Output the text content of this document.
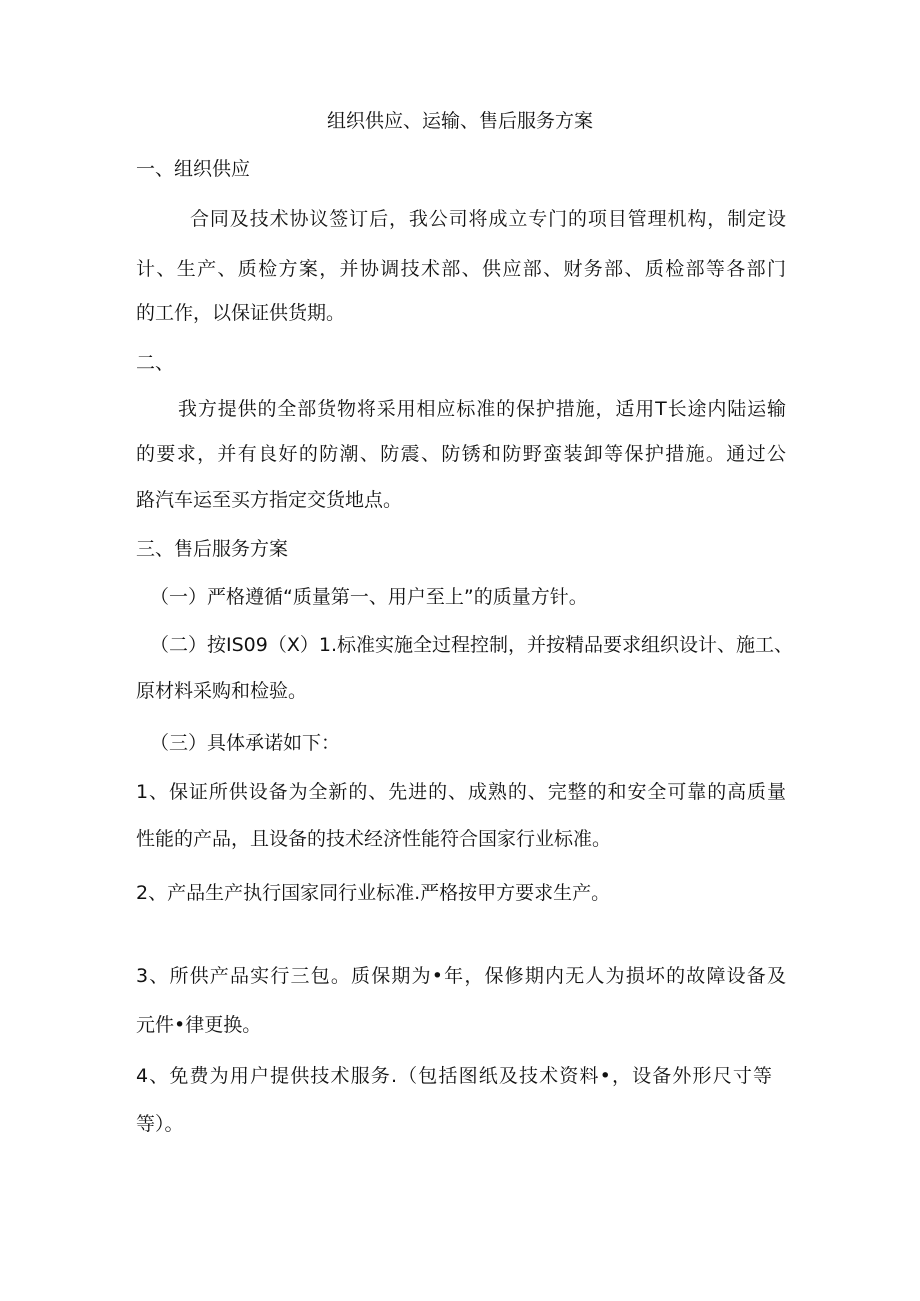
组织供应、运输、售后服务方案
一、组织供应
合同及技术协议签订后，我公司将成立专门的项目管理机构，制定设
计、生产、质检方案，并协调技术部、供应部、财务部、质检部等各部门
的工作，以保证供货期。
二、
我方提供的全部货物将采用相应标准的保护措施，适用T长途内陆运输
的要求，并有良好的防潮、防震、防锈和防野蛮装卸等保护措施。通过公
路汽车运至买方指定交货地点。
三、售后服务方案
（一）严格遵循“质量第一、用户至上”的质量方针。
（二）按IS09（X）1.标准实施全过程控制，并按精品要求组织设计、施工、
原材料采购和检验。
（三）具体承诺如下：
1、保证所供设备为全新的、先进的、成熟的、完整的和安全可靠的高质量
性能的产品，且设备的技术经济性能符合国家行业标准。
2、产品生产执行国家同行业标准.严格按甲方要求生产。
3、所供产品实行三包。质保期为•年，保修期内无人为损坏的故障设备及
元件•律更换。
4、免费为用户提供技术服务.（包括图纸及技术资料•，设备外形尺寸等
等）。
